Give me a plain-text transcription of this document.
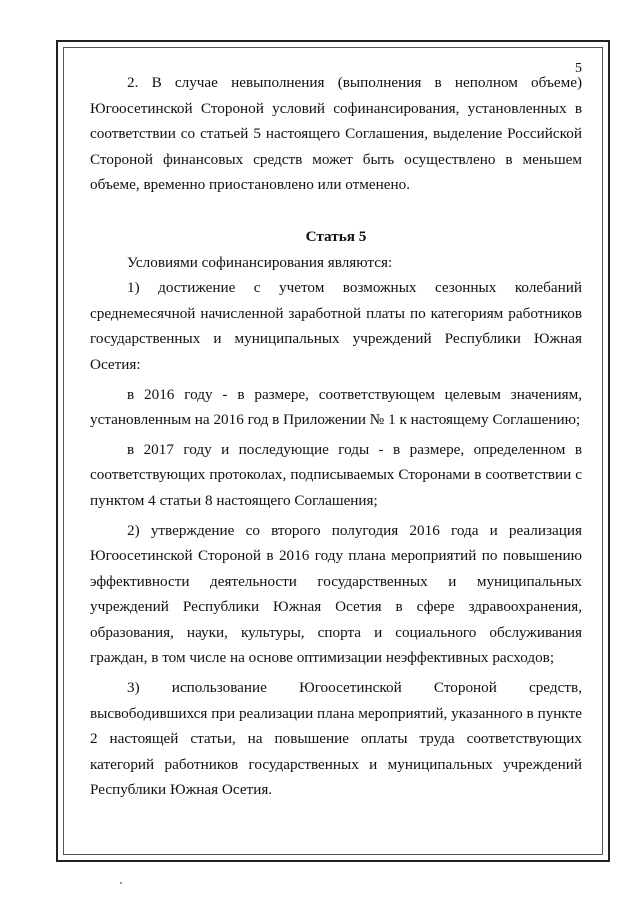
5

2. В случае невыполнения (выполнения в неполном объеме) Югоосетинской Стороной условий софинансирования, установленных в соответствии со статьей 5 настоящего Соглашения, выделение Российской Стороной финансовых средств может быть осуществлено в меньшем объеме, временно приостановлено или отменено.

Статья 5

Условиями софинансирования являются:

1) достижение с учетом возможных сезонных колебаний среднемесячной начисленной заработной платы по категориям работников государственных и муниципальных учреждений Республики Южная Осетия:

в 2016 году - в размере, соответствующем целевым значениям, установленным на 2016 год в Приложении № 1 к настоящему Соглашению;

в 2017 году и последующие годы - в размере, определенном в соответствующих протоколах, подписываемых Сторонами в соответствии с пунктом 4 статьи 8 настоящего Соглашения;

2) утверждение со второго полугодия 2016 года и реализация Югоосетинской Стороной в 2016 году плана мероприятий по повышению эффективности деятельности государственных и муниципальных учреждений Республики Южная Осетия в сфере здравоохранения, образования, науки, культуры, спорта и социального обслуживания граждан, в том числе на основе оптимизации неэффективных расходов;

3) использование Югоосетинской Стороной средств, высвободившихся при реализации плана мероприятий, указанного в пункте 2 настоящей статьи, на повышение оплаты труда соответствующих категорий работников государственных и муниципальных учреждений Республики Южная Осетия.
